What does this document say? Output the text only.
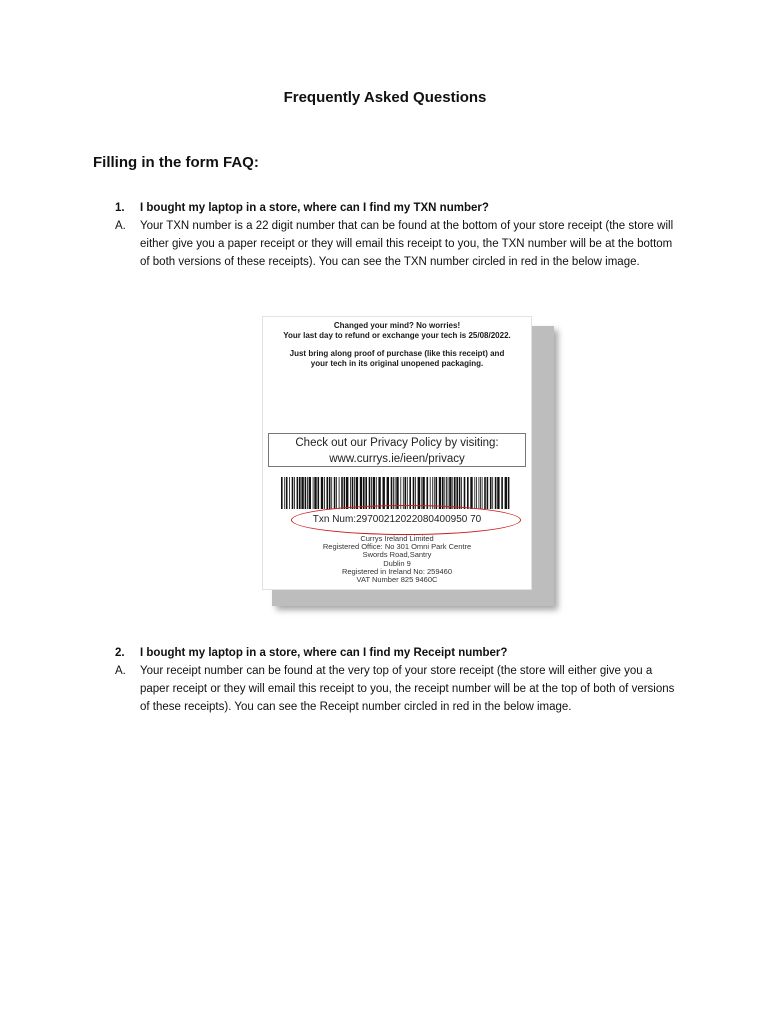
Frequently Asked Questions
Filling in the form FAQ:
1.	I bought my laptop in a store, where can I find my TXN number?
A.	Your TXN number is a 22 digit number that can be found at the bottom of your store receipt (the store will either give you a paper receipt or they will email this receipt to you, the TXN number will be at the bottom of both versions of these receipts). You can see the TXN number circled in red in the below image.
Changed your mind? No worries!
Your last day to refund or exchange your tech is 25/08/2022.
Just bring along proof of purchase (like this receipt) and
your tech in its original unopened packaging.
Check out our Privacy Policy by visiting:
www.currys.ie/ieen/privacy
Txn Num:29700212022080400950 70
Currys Ireland Limited
Registered Office: No 301 Omni Park Centre
Swords Road,Santry
Dublin 9
Registered in Ireland No: 259460
VAT Number 825 9460C
2.	I bought my laptop in a store, where can I find my Receipt number?
A.	Your receipt number can be found at the very top of your store receipt (the store will either give you a paper receipt or they will email this receipt to you, the receipt number will be at the top of both of versions of these receipts). You can see the Receipt number circled in red in the below image.
